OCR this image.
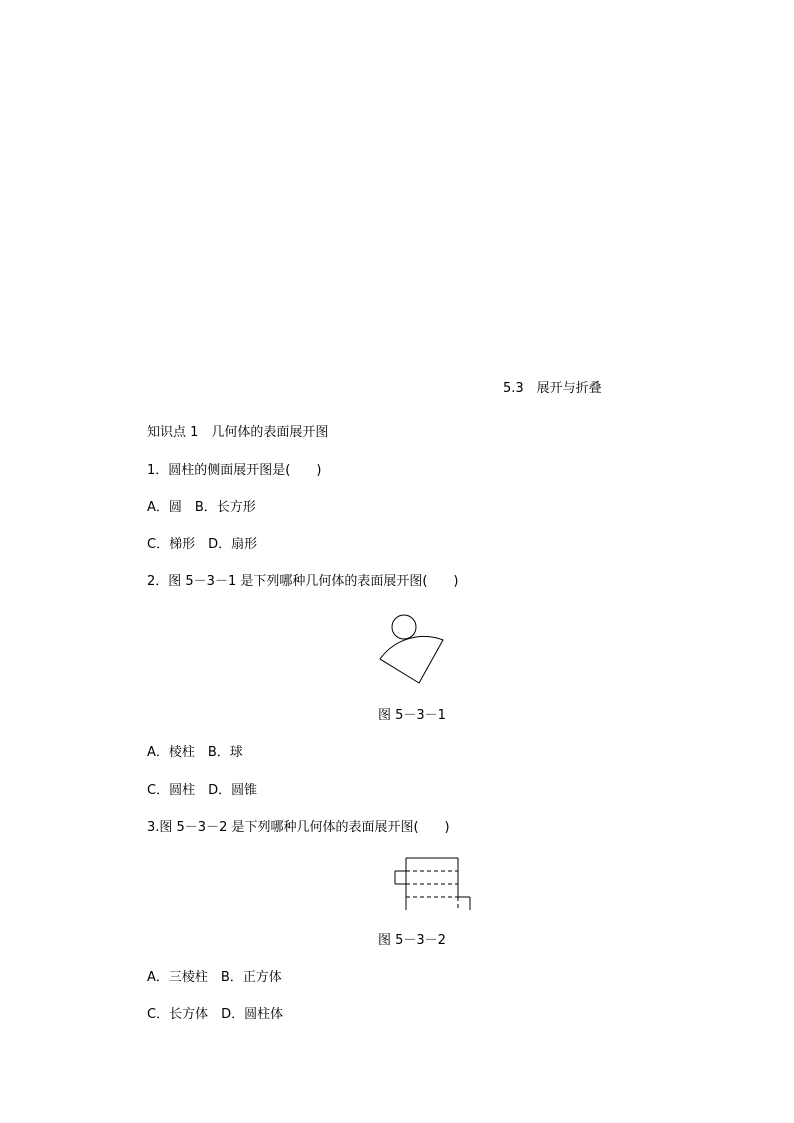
5.3　展开与折叠
知识点 1　几何体的表面展开图
1．圆柱的侧面展开图是(　　)
A．圆　B．长方形
C．梯形　D．扇形
2．图 5－3－1 是下列哪种几何体的表面展开图(　　)
图 5－3－1
A．棱柱　B．球
C．圆柱　D．圆锥
3.图 5－3－2 是下列哪种几何体的表面展开图(　　)
图 5－3－2
A．三棱柱　B．正方体
C．长方体　D．圆柱体
